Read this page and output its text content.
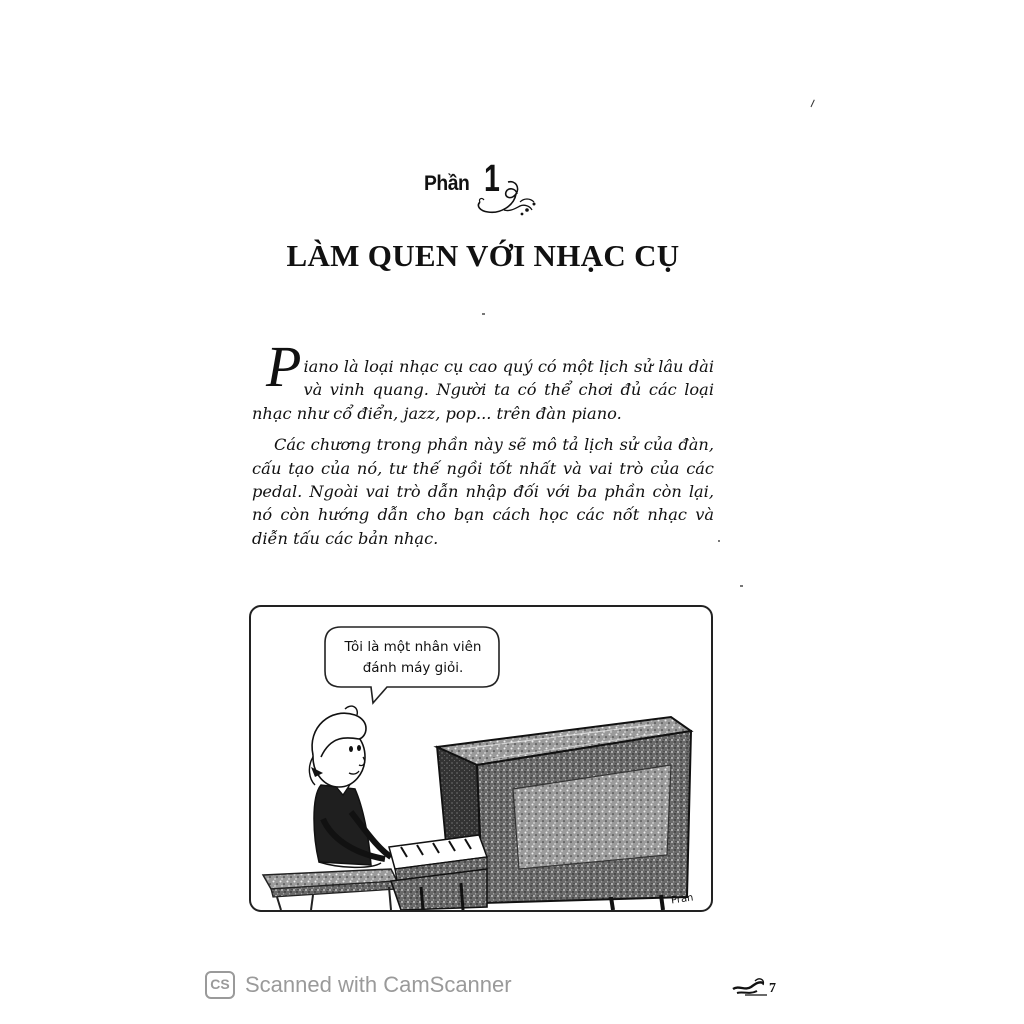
Phần 1
LÀM QUEN VỚI NHẠC CỤ

Piano là loại nhạc cụ cao quý có một lịch sử lâu dài và vinh quang. Người ta có thể chơi đủ các loại nhạc như cổ điển, jazz, pop... trên đàn piano.

Các chương trong phần này sẽ mô tả lịch sử của đàn, cấu tạo của nó, tư thế ngồi tốt nhất và vai trò của các pedal. Ngoài vai trò dẫn nhập đối với ba phần còn lại, nó còn hướng dẫn cho bạn cách học các nốt nhạc và diễn tấu các bản nhạc.

Tôi là một nhân viên
đánh máy giỏi.
Pran
CS Scanned with CamScanner	7
